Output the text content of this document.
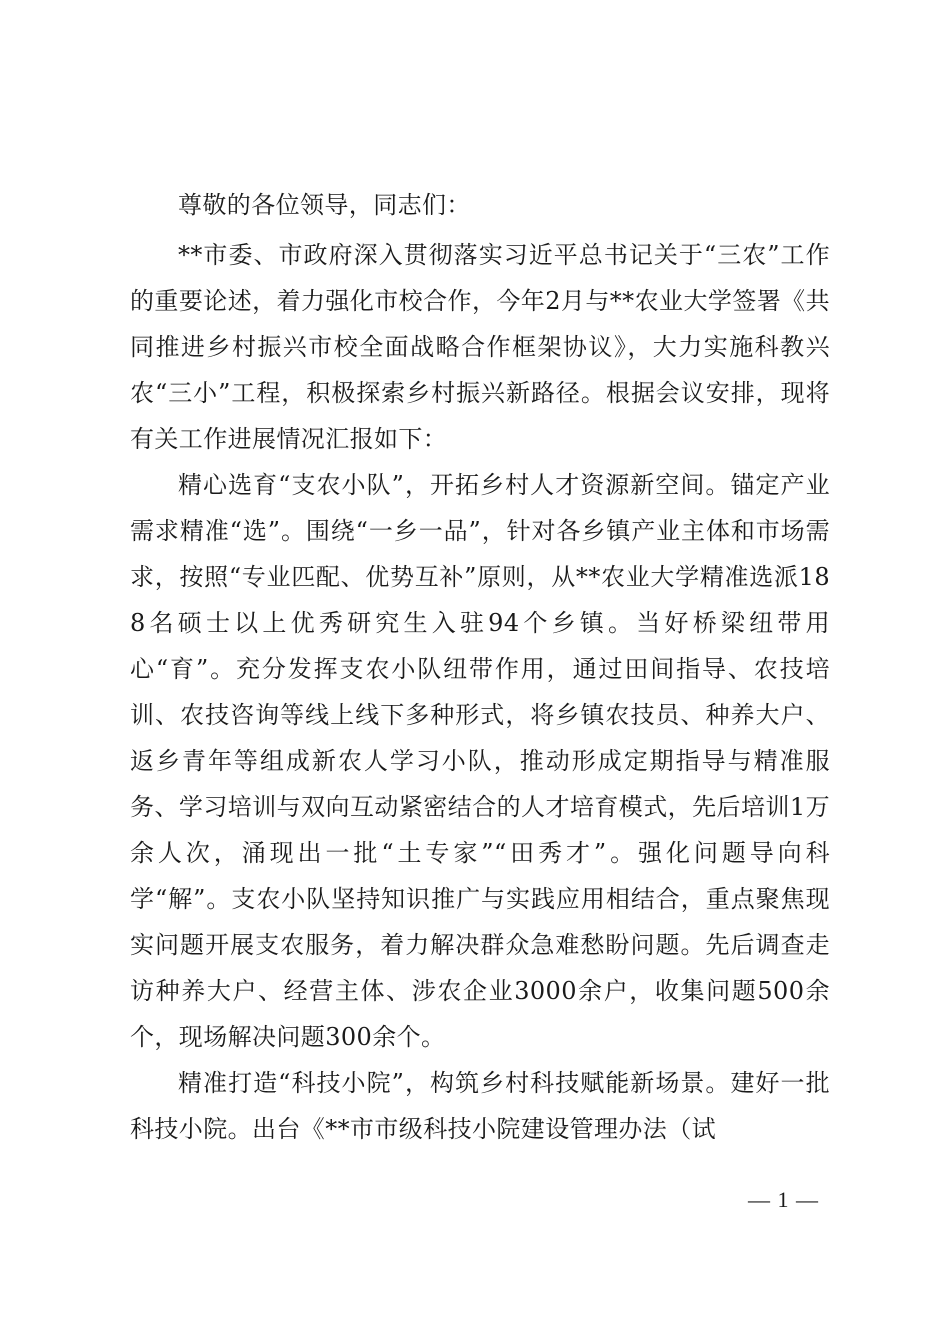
尊敬的各位领导，同志们：

**市委、市政府深入贯彻落实习近平总书记关于“三农”工作的重要论述，着力强化市校合作，今年2月与**农业大学签署《共同推进乡村振兴市校全面战略合作框架协议》，大力实施科教兴农“三小”工程，积极探索乡村振兴新路径。根据会议安排，现将有关工作进展情况汇报如下：

精心选育“支农小队”，开拓乡村人才资源新空间。锚定产业需求精准“选”。围绕“一乡一品”，针对各乡镇产业主体和市场需求，按照“专业匹配、优势互补”原则，从**农业大学精准选派188名硕士以上优秀研究生入驻94个乡镇。当好桥梁纽带用心“育”。充分发挥支农小队纽带作用，通过田间指导、农技培训、农技咨询等线上线下多种形式，将乡镇农技员、种养大户、返乡青年等组成新农人学习小队，推动形成定期指导与精准服务、学习培训与双向互动紧密结合的人才培育模式，先后培训1万余人次，涌现出一批“土专家”“田秀才”。强化问题导向科学“解”。支农小队坚持知识推广与实践应用相结合，重点聚焦现实问题开展支农服务，着力解决群众急难愁盼问题。先后调查走访种养大户、经营主体、涉农企业3000余户，收集问题500余个，现场解决问题300余个。

精准打造“科技小院”，构筑乡村科技赋能新场景。建好一批科技小院。出台《**市市级科技小院建设管理办法（试

— 1 —
